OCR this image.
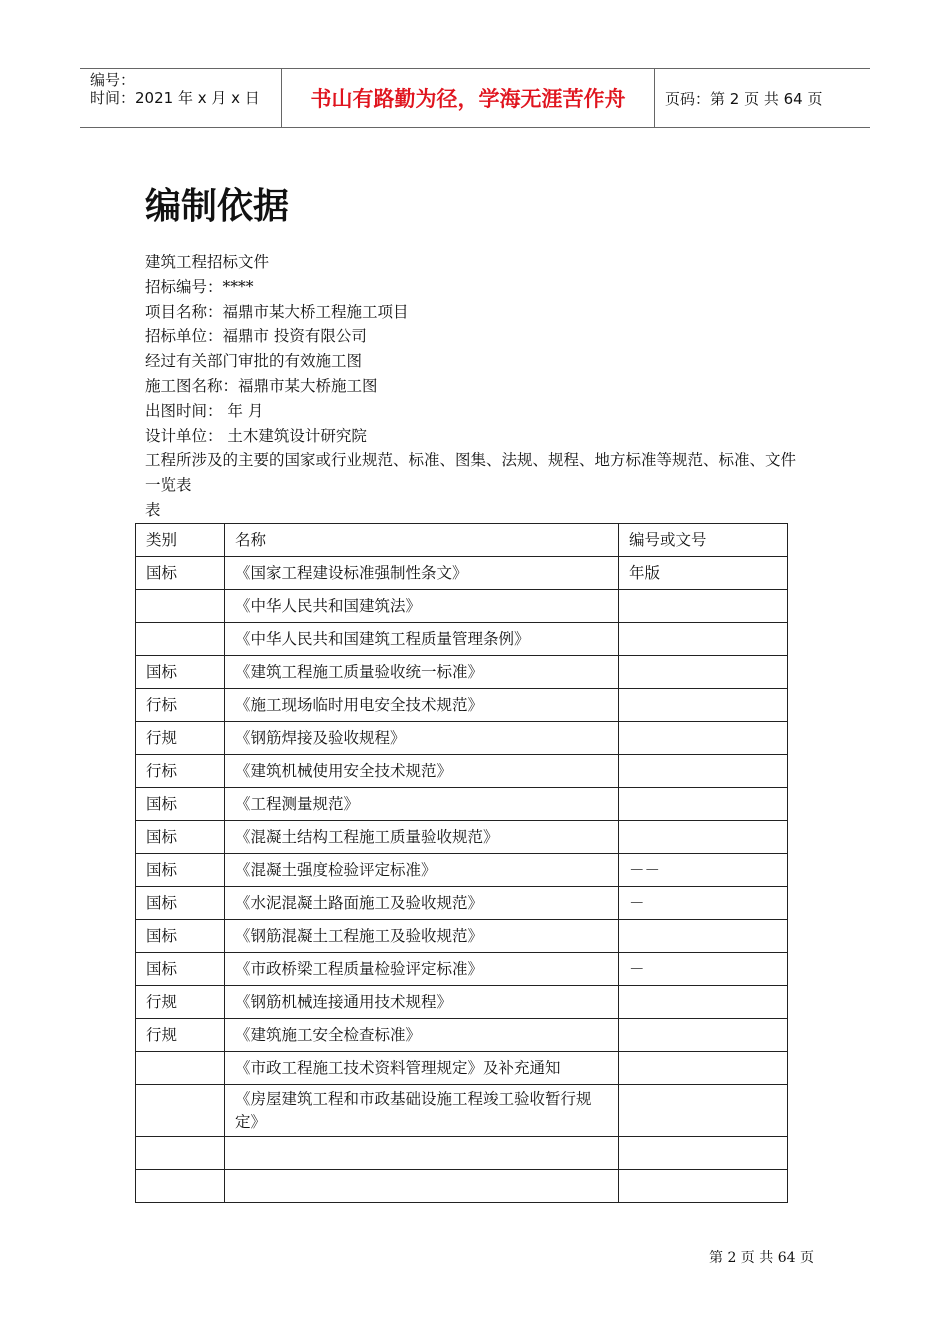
编号：
时间：2021 年 x 月 x 日	书山有路勤为径，学海无涯苦作舟	页码：第 2 页 共 64 页
编制依据
建筑工程招标文件
招标编号：****
项目名称：福鼎市某大桥工程施工项目
招标单位：福鼎市 投资有限公司
经过有关部门审批的有效施工图
施工图名称：福鼎市某大桥施工图
出图时间： 年 月
设计单位： 土木建筑设计研究院
工程所涉及的主要的国家或行业规范、标准、图集、法规、规程、地方标准等规范、标准、文件
一览表
表
类别	名称	编号或文号
国标	《国家工程建设标准强制性条文》	年版
	《中华人民共和国建筑法》	
	《中华人民共和国建筑工程质量管理条例》	
国标	《建筑工程施工质量验收统一标准》	
行标	《施工现场临时用电安全技术规范》	
行规	《钢筋焊接及验收规程》	
行标	《建筑机械使用安全技术规范》	
国标	《工程测量规范》	
国标	《混凝土结构工程施工质量验收规范》	
国标	《混凝土强度检验评定标准》	－－
国标	《水泥混凝土路面施工及验收规范》	－
国标	《钢筋混凝土工程施工及验收规范》	
国标	《市政桥梁工程质量检验评定标准》	－
行规	《钢筋机械连接通用技术规程》	
行规	《建筑施工安全检查标准》	
	《市政工程施工技术资料管理规定》及补充通知	
	《房屋建筑工程和市政基础设施工程竣工验收暂行规定》	

第 2 页 共 64 页
